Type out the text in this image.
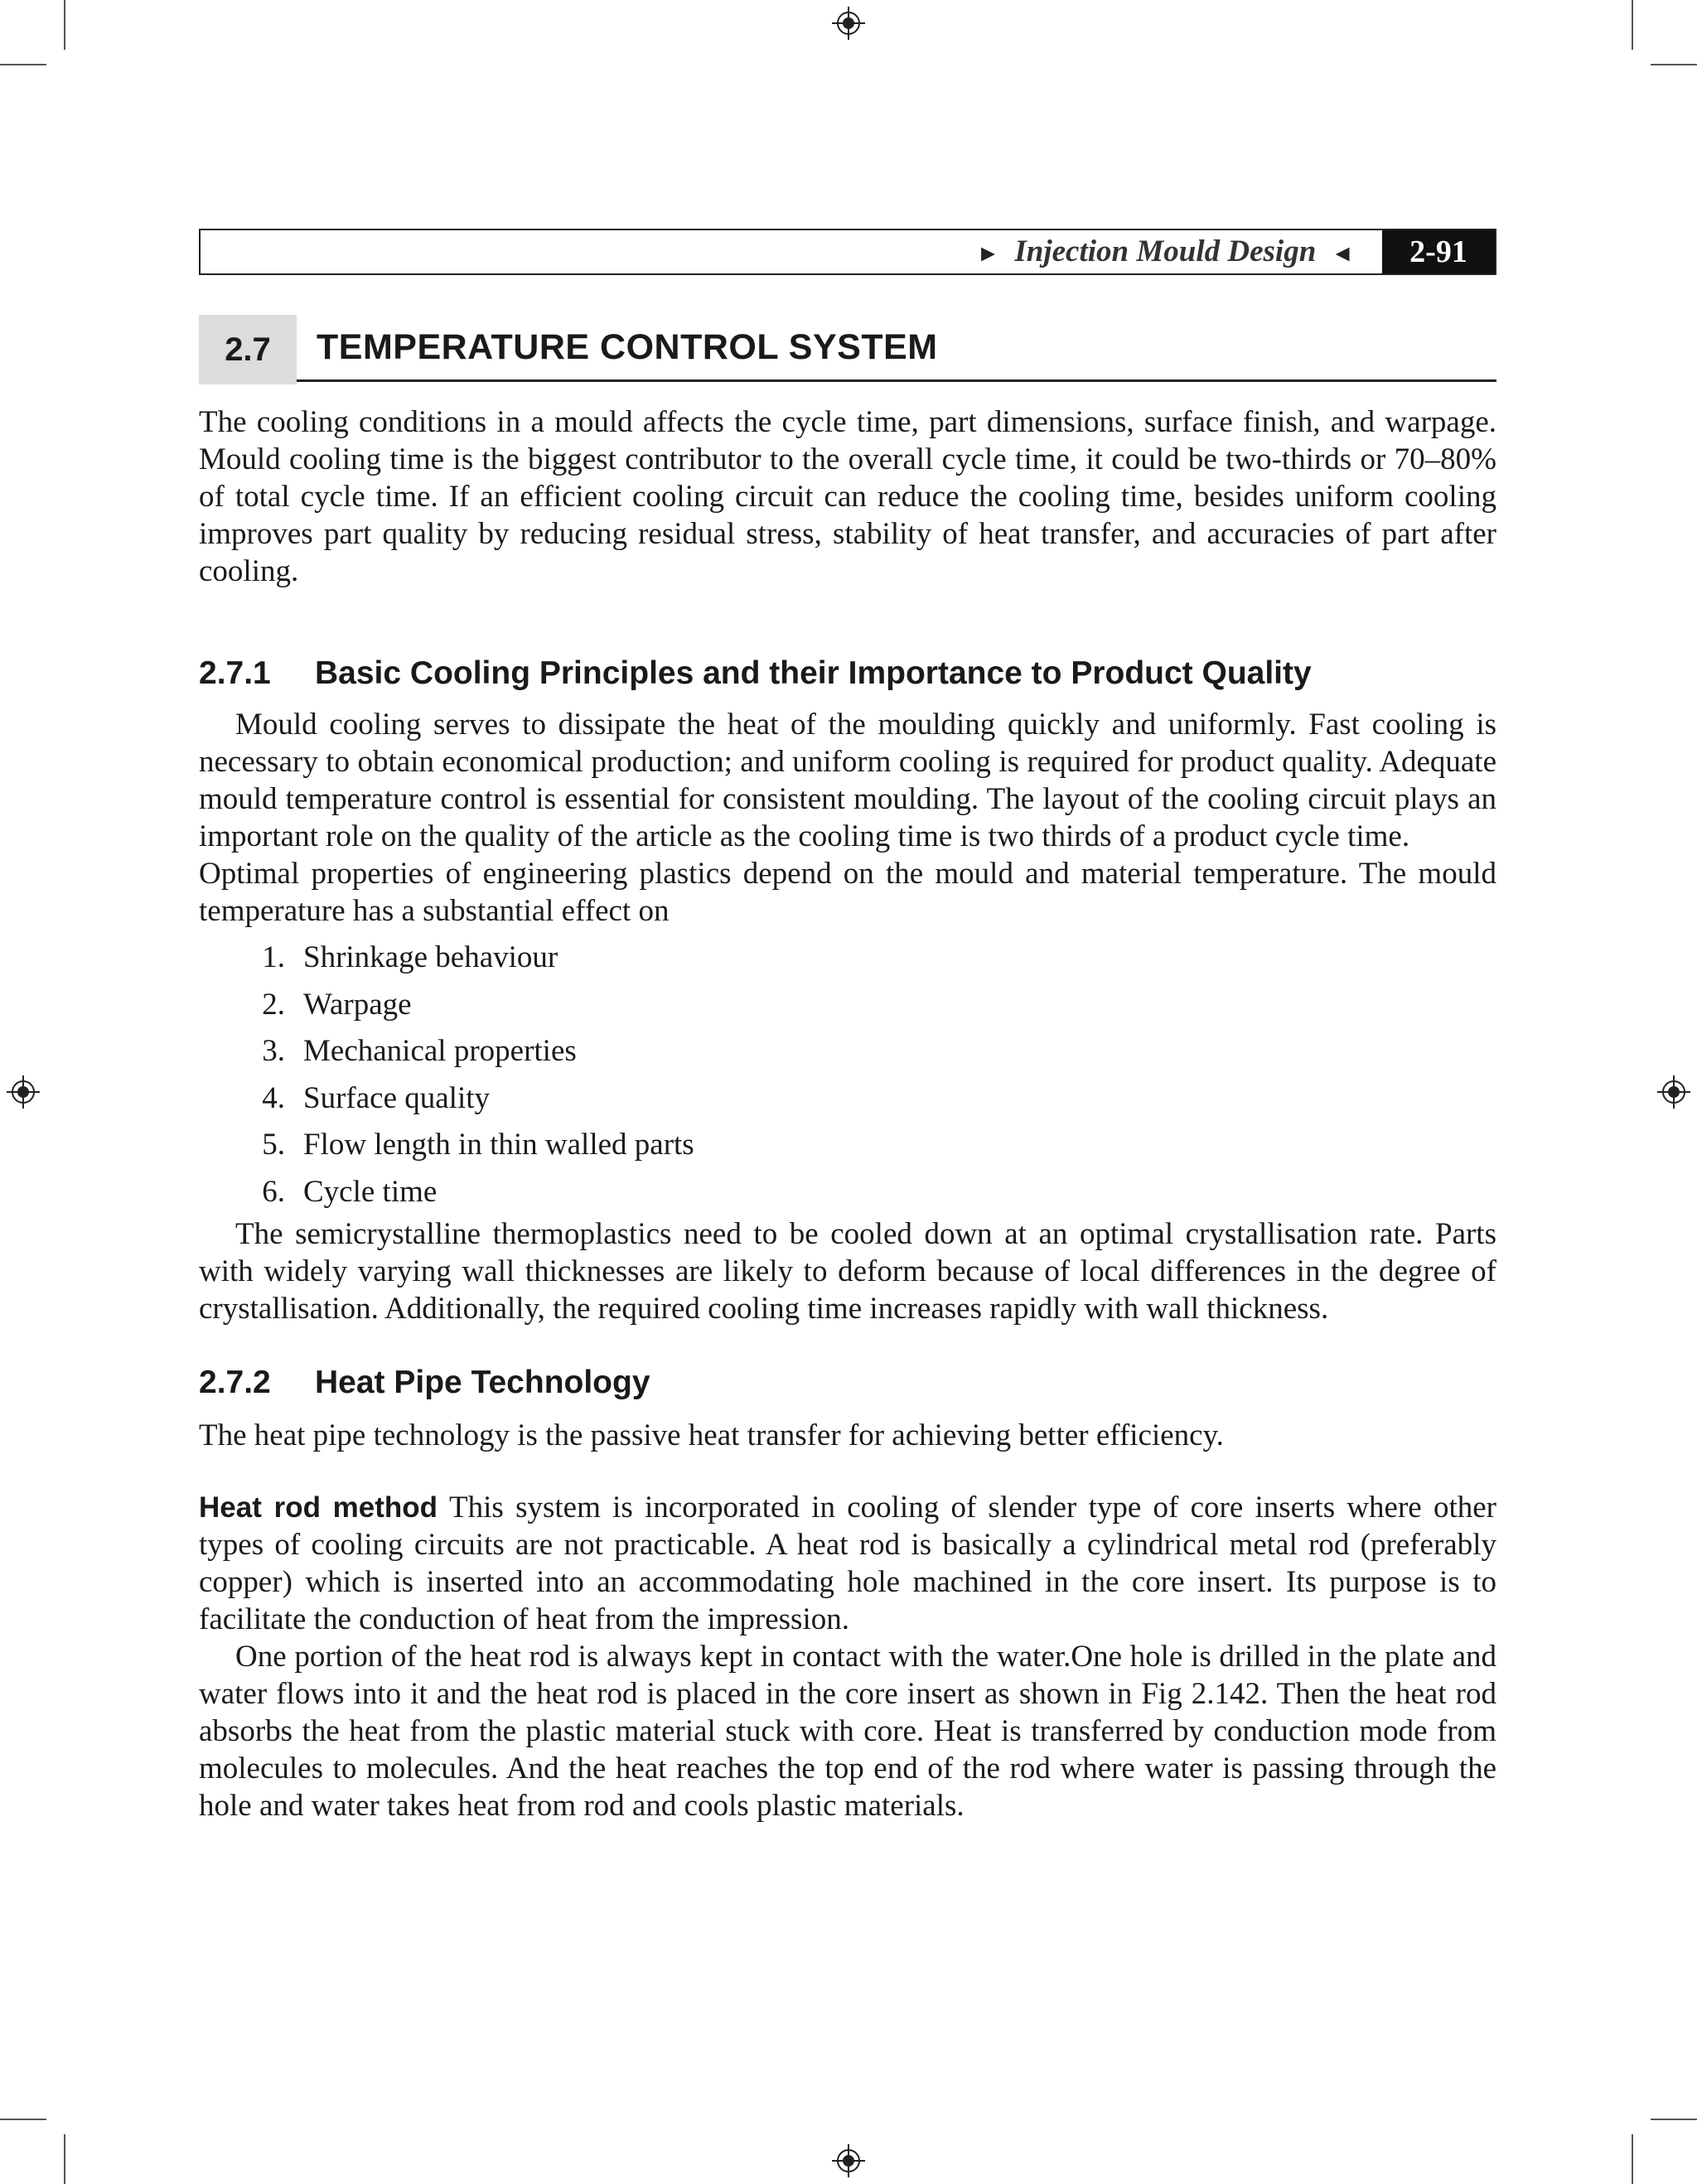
► Injection Mould Design ◄	2-91
2.7	TEMPERATURE CONTROL SYSTEM

The cooling conditions in a mould affects the cycle time, part dimensions, surface finish, and warpage. Mould cooling time is the biggest contributor to the overall cycle time, it could be two-thirds or 70–80% of total cycle time. If an efficient cooling circuit can reduce the cooling time, besides uniform cooling improves part quality by reducing residual stress, stability of heat transfer, and accuracies of part after cooling.

2.7.1	Basic Cooling Principles and their Importance to Product Quality

Mould cooling serves to dissipate the heat of the moulding quickly and uniformly. Fast cooling is necessary to obtain economical production; and uniform cooling is required for product quality. Adequate mould temperature control is essential for consistent moulding. The layout of the cooling circuit plays an important role on the quality of the article as the cooling time is two thirds of a product cycle time.

Optimal properties of engineering plastics depend on the mould and material temperature. The mould temperature has a substantial effect on

1. Shrinkage behaviour
2. Warpage
3. Mechanical properties
4. Surface quality
5. Flow length in thin walled parts
6. Cycle time

The semicrystalline thermoplastics need to be cooled down at an optimal crystallisation rate. Parts with widely varying wall thicknesses are likely to deform because of local differences in the degree of crystallisation. Additionally, the required cooling time increases rapidly with wall thickness.

2.7.2	Heat Pipe Technology

The heat pipe technology is the passive heat transfer for achieving better efficiency.

Heat rod method This system is incorporated in cooling of slender type of core inserts where other types of cooling circuits are not practicable. A heat rod is basically a cylindrical metal rod (preferably copper) which is inserted into an accommodating hole machined in the core insert. Its purpose is to facilitate the conduction of heat from the impression.

One portion of the heat rod is always kept in contact with the water.One hole is drilled in the plate and water flows into it and the heat rod is placed in the core insert as shown in Fig 2.142. Then the heat rod absorbs the heat from the plastic material stuck with core. Heat is transferred by conduction mode from molecules to molecules. And the heat reaches the top end of the rod where water is passing through the hole and water takes heat from rod and cools plastic materials.
